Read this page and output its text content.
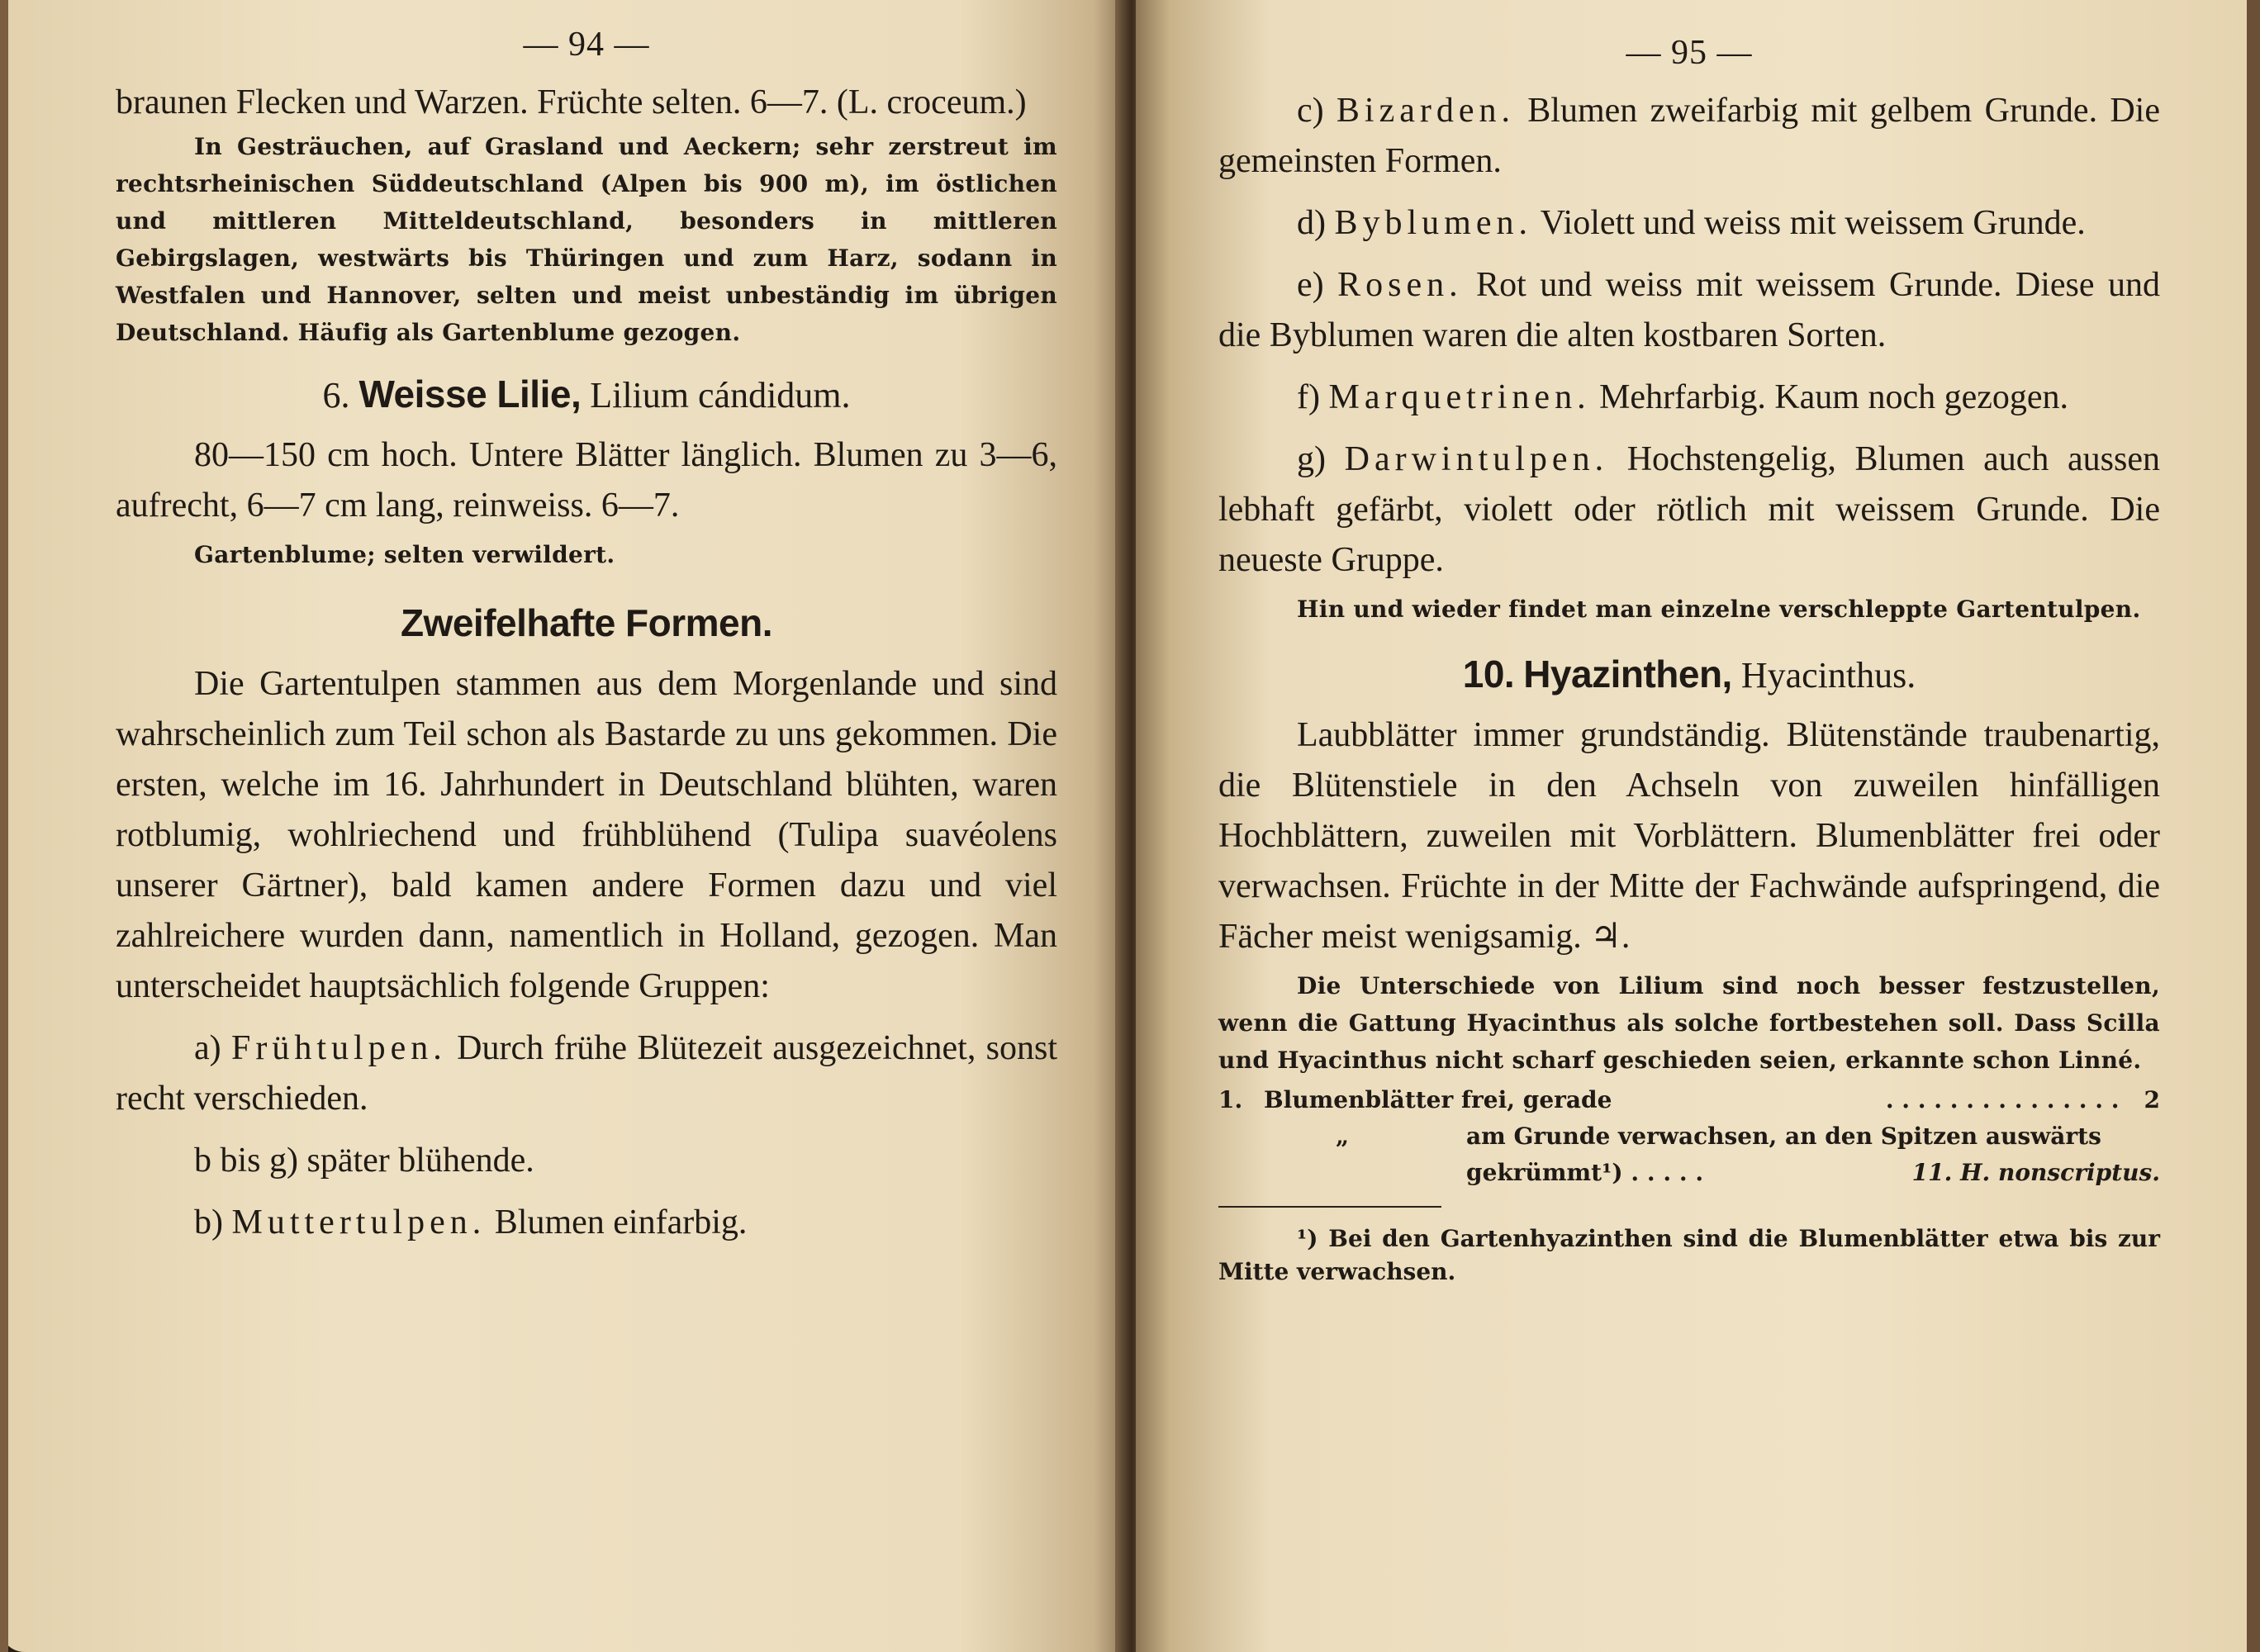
— 94 —

braunen Flecken und Warzen. Früchte selten. 6—7. (L. croceum.)

In Gesträuchen, auf Grasland und Aeckern; sehr zerstreut im rechtsrheinischen Süddeutschland (Alpen bis 900 m), im östlichen und mittleren Mitteldeutschland, besonders in mittleren Gebirgslagen, westwärts bis Thüringen und zum Harz, sodann in Westfalen und Hannover, selten und meist unbeständig im übrigen Deutschland. Häufig als Gartenblume gezogen.

6. Weisse Lilie, Lilium cándidum.

80—150 cm hoch. Untere Blätter länglich. Blumen zu 3—6, aufrecht, 6—7 cm lang, reinweiss. 6—7.

Gartenblume; selten verwildert.

Zweifelhafte Formen.

Die Gartentulpen stammen aus dem Morgenlande und sind wahrscheinlich zum Teil schon als Bastarde zu uns gekommen. Die ersten, welche im 16. Jahrhundert in Deutschland blühten, waren rotblumig, wohlriechend und frühblühend (Tulipa suavéolens unserer Gärtner), bald kamen andere Formen dazu und viel zahlreichere wurden dann, namentlich in Holland, gezogen. Man unterscheidet hauptsächlich folgende Gruppen:

a) Frühtulpen. Durch frühe Blütezeit ausgezeichnet, sonst recht verschieden.

b bis g) später blühende.

b) Muttertulpen. Blumen einfarbig.

— 95 —

c) Bizarden. Blumen zweifarbig mit gelbem Grunde. Die gemeinsten Formen.

d) Byblumen. Violett und weiss mit weissem Grunde.

e) Rosen. Rot und weiss mit weissem Grunde. Diese und die Byblumen waren die alten kostbaren Sorten.

f) Marquetrinen. Mehrfarbig. Kaum noch gezogen.

g) Darwintulpen. Hochstengelig, Blumen auch aussen lebhaft gefärbt, violett oder rötlich mit weissem Grunde. Die neueste Gruppe.

Hin und wieder findet man einzelne verschleppte Gartentulpen.

10. Hyazinthen, Hyacinthus.

Laubblätter immer grundständig. Blütenstände traubenartig, die Blütenstiele in den Achseln von zuweilen hinfälligen Hochblättern, zuweilen mit Vorblättern. Blumenblätter frei oder verwachsen. Früchte in der Mitte der Fachwände aufspringend, die Fächer meist wenigsamig. ♃.

Die Unterschiede von Lilium sind noch besser festzustellen, wenn die Gattung Hyacinthus als solche fortbestehen soll. Dass Scilla und Hyacinthus nicht scharf geschieden seien, erkannte schon Linné.

1. Blumenblätter frei, gerade	. . . . . . . . . . . . . . .	2
„	am Grunde verwachsen, an den Spitzen auswärts gekrümmt¹) . . . . .	11. H. nonscriptus.

¹) Bei den Gartenhyazinthen sind die Blumenblätter etwa bis zur Mitte verwachsen.
